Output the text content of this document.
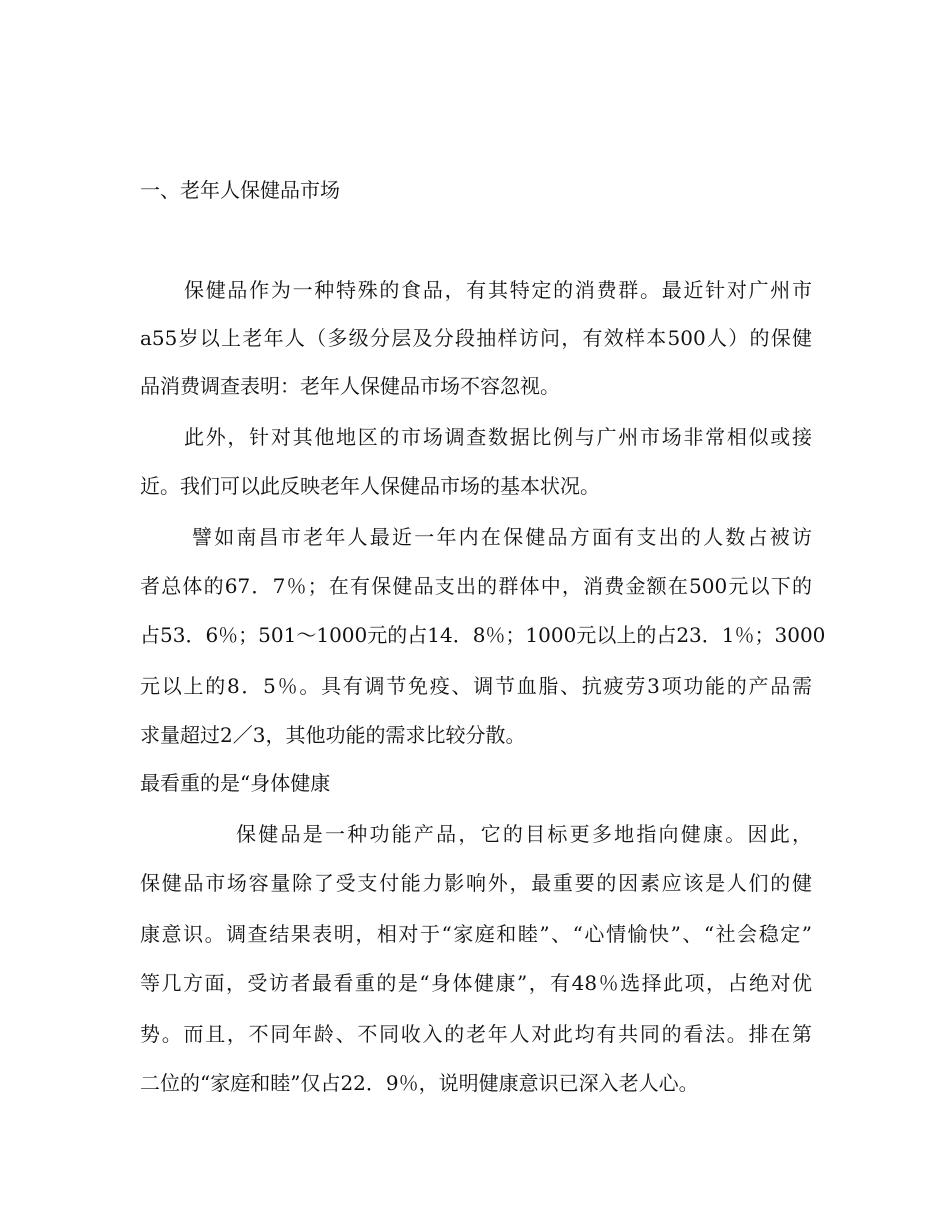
一、老年人保健品市场
保健品作为一种特殊的食品，有其特定的消费群。最近针对广州市
a55岁以上老年人（多级分层及分段抽样访问，有效样本500人）的保健
品消费调查表明：老年人保健品市场不容忽视。
此外，针对其他地区的市场调查数据比例与广州市场非常相似或接
近。我们可以此反映老年人保健品市场的基本状况。
譬如南昌市老年人最近一年内在保健品方面有支出的人数占被访
者总体的67．7％；在有保健品支出的群体中，消费金额在500元以下的
占53．6％；501～1000元的占14．8％；1000元以上的占23．1％；3000
元以上的8．5％。具有调节免疫、调节血脂、抗疲劳3项功能的产品需
求量超过2／3，其他功能的需求比较分散。
最看重的是“身体健康
保健品是一种功能产品，它的目标更多地指向健康。因此，
保健品市场容量除了受支付能力影响外，最重要的因素应该是人们的健
康意识。调查结果表明，相对于“家庭和睦”、“心情愉快”、“社会稳定”
等几方面，受访者最看重的是“身体健康”，有48％选择此项，占绝对优
势。而且，不同年龄、不同收入的老年人对此均有共同的看法。排在第
二位的“家庭和睦”仅占22．9％，说明健康意识已深入老人心。
